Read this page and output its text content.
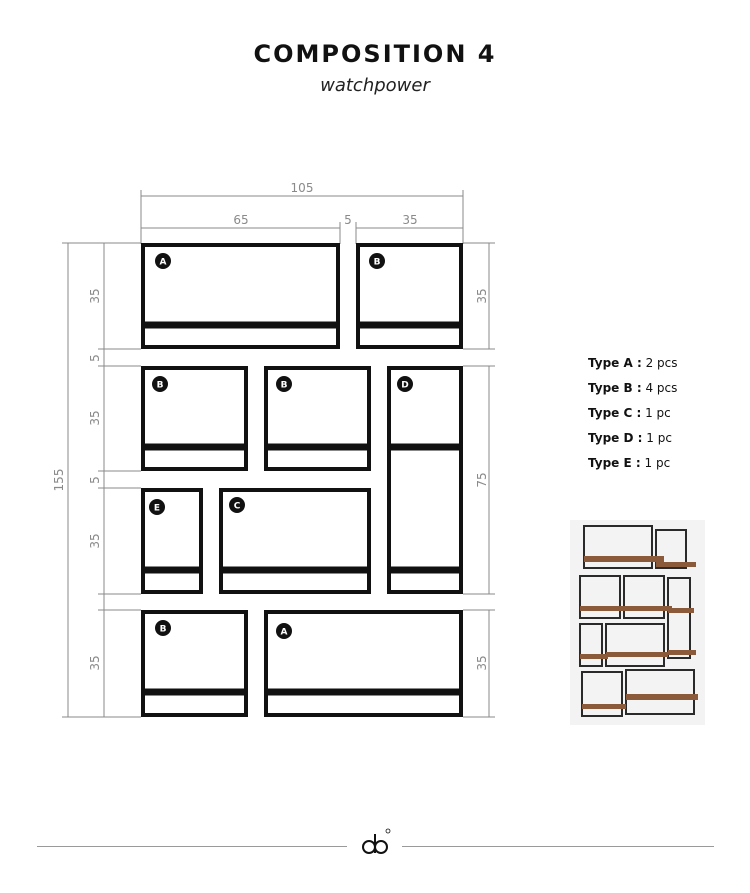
COMPOSITION 4
watchpower
105
65	5	35
155
35
5
35
5
35
35
35
75
35
A	B
B	B	D
E	C
B	A
Type A : 2 pcs
Type B : 4 pcs
Type C : 1 pc
Type D : 1 pc
Type E : 1 pc
